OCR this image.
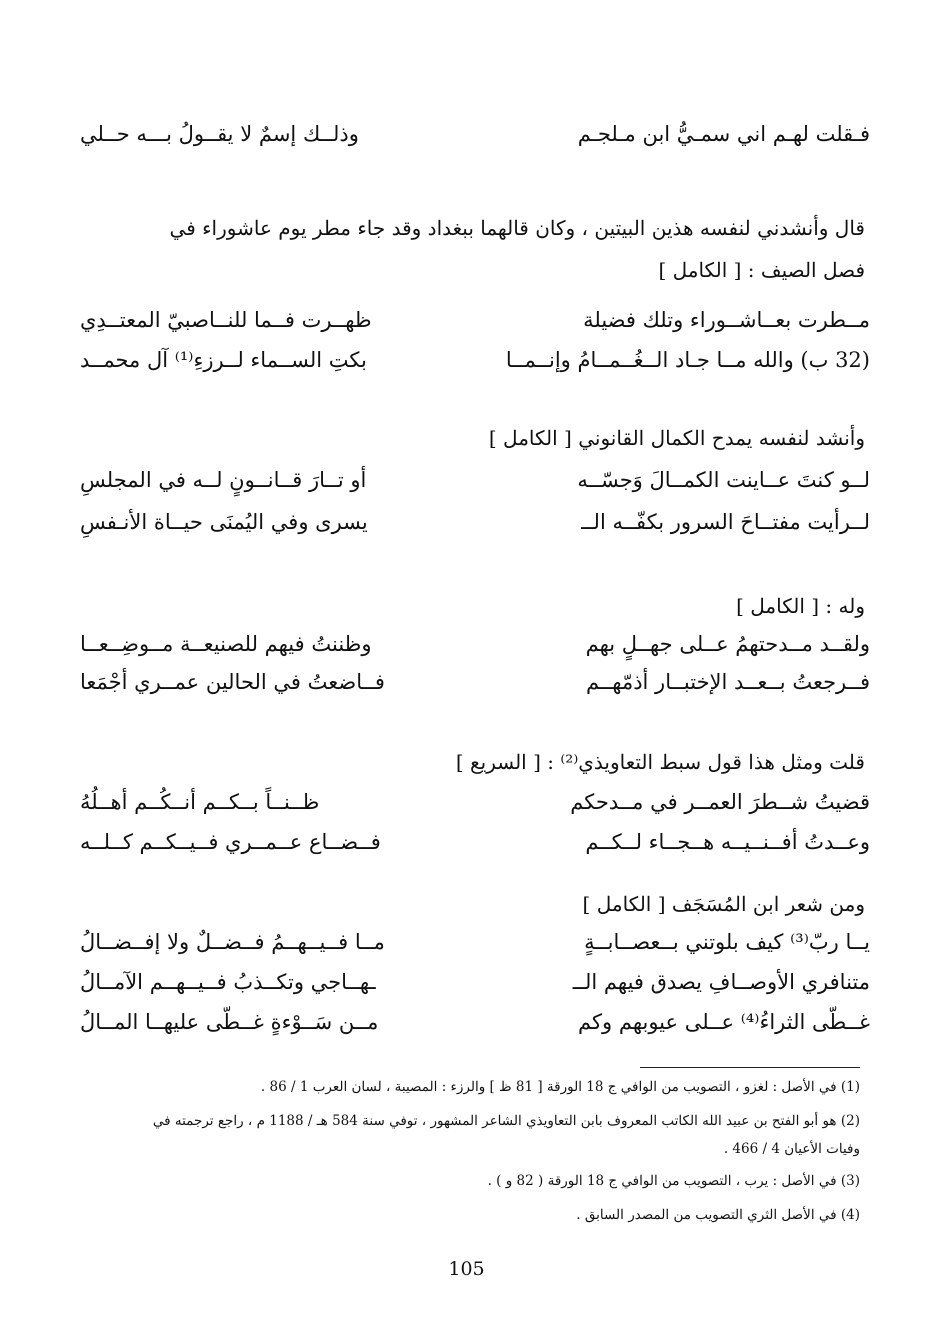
فـقلت لهـم اني سمـيُّ ابن مـلجـم
وذلــك إسمٌ لا يقــولُ بـــه حــلي
قال وأنشدني لنفسه هذين البيتين ، وكان قالهما ببغداد وقد جاء مطر يوم عاشوراء في
فصل الصيف : [ الكامل ]
مــطرت بعــاشــوراء وتلك فضيلة
ظهــرت فــما للنــاصبيّ المعتــدِي
(32 ب) والله مــا جـاد الــغُــمــامُ وإنــمــا
بكتِ الســماء لــرزءِ⁽¹⁾ آل محمــد
وأنشد لنفسه يمدح الكمال القانوني [ الكامل ]
لــو كنتَ عــاينت الكمــالَ وَجسّــه
أو تــارَ قــانــونٍ لــه في المجلسِ
لــرأيت مفتــاحَ السرور بكفّــه الــ
يسرى وفي اليُمنَى حيــاة الأنـفسِ
وله : [ الكامل ]
ولقــد مــدحتهمُ عــلى جهــلٍ بهم
وظننتُ فيهم للصنيعــة مــوضِــعــا
فــرجعتُ بــعــد الإختبــار أذمّهــم
فــاضعتُ في الحالين عمــري أجْمَعا
قلت ومثل هذا قول سبط التعاويذي⁽²⁾ : [ السريع ]
قضيتُ شــطرَ العمــر في مــدحكم
ظــنــاً بــكــم أنــكُــم أهــلُهُ
وعــدتُ أفــنــيــه هــجــاء لــكــم
فــضــاع عــمــري فــيــكــم كــلــه
ومن شعر ابن المُسَجَف [ الكامل ]
يــا ربّ⁽³⁾ كيف بلوتني بــعصــابــةٍ
مــا فــيــهــمُ فــضــلٌ ولا إفــضــالُ
متنافري الأوصــافِ يصدق فيهم الــ
ـهــاجي وتكــذبُ فــيــهــم الآمــالُ
غــطّى الثراءُ⁽⁴⁾ عــلى عيوبهم وكم
مــن سَــوْءةٍ غــطّى عليهــا المــالُ
(1) في الأصل : لغزو ، التصويب من الوافي ج 18 الورقة [ 81 ظ ] والرزء : المصيبة ، لسان العرب 1 / 86 .
(2) هو أبو الفتح بن عبيد الله الكاتب المعروف بابن التعاويذي الشاعر المشهور ، توفي سنة 584 هـ / 1188 م ، راجع ترجمته في
وفيات الأعيان 4 / 466 .
(3) في الأصل : يرب ، التصويب من الوافي ج 18 الورقة ( 82 و ) .
(4) في الأصل الثري التصويب من المصدر السابق .
105
